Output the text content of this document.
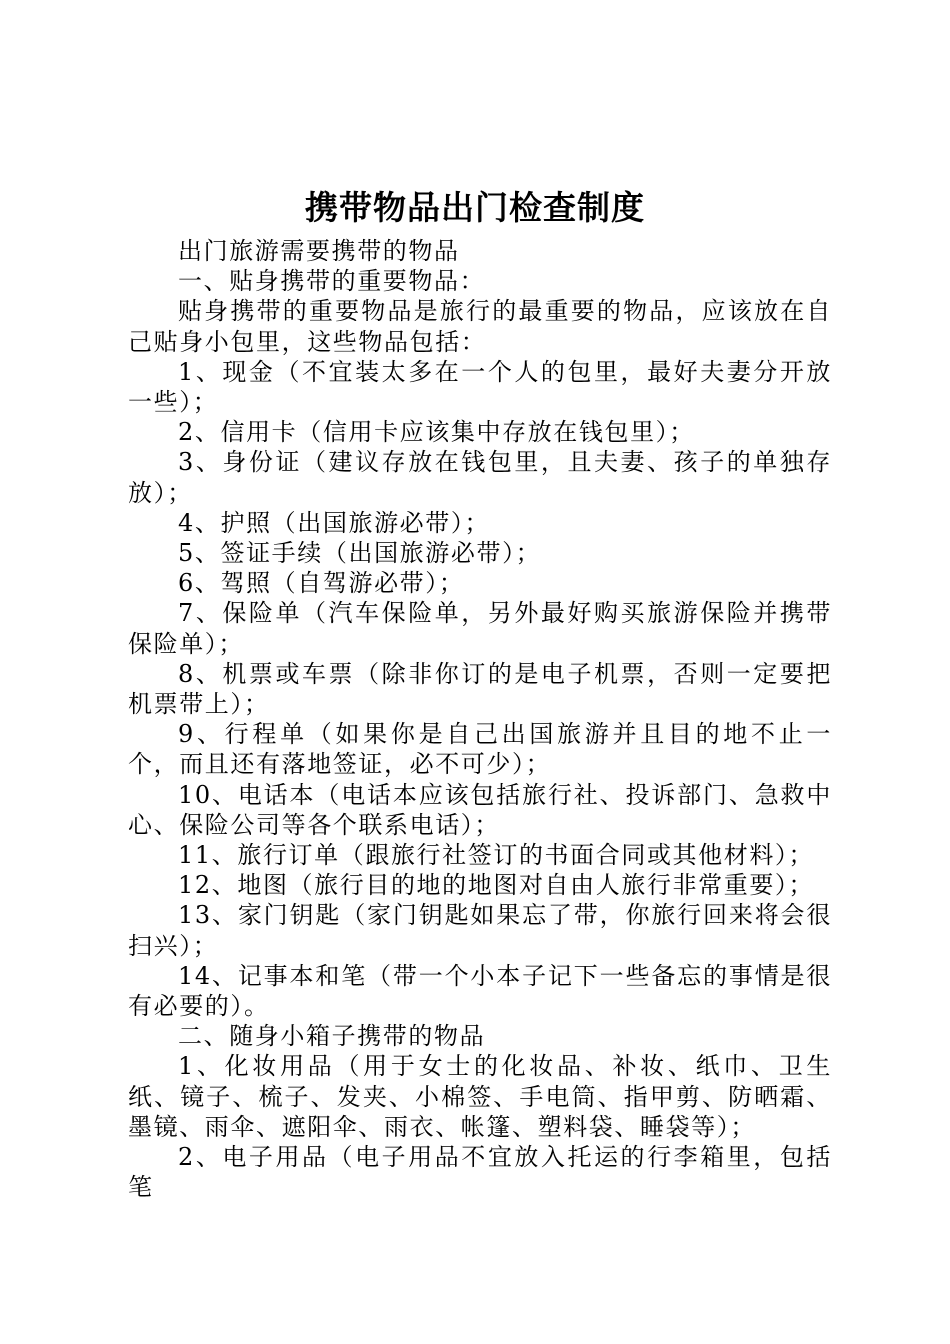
携带物品出门检查制度

出门旅游需要携带的物品

一、贴身携带的重要物品：

贴身携带的重要物品是旅行的最重要的物品，应该放在自己贴身小包里，这些物品包括：

1、现金（不宜装太多在一个人的包里，最好夫妻分开放一些）；

2、信用卡（信用卡应该集中存放在钱包里）；

3、身份证（建议存放在钱包里，且夫妻、孩子的单独存放）；

4、护照（出国旅游必带）；

5、签证手续（出国旅游必带）；

6、驾照（自驾游必带）；

7、保险单（汽车保险单，另外最好购买旅游保险并携带保险单）；

8、机票或车票（除非你订的是电子机票，否则一定要把机票带上）；

9、行程单（如果你是自己出国旅游并且目的地不止一个，而且还有落地签证，必不可少）；

10、电话本（电话本应该包括旅行社、投诉部门、急救中心、保险公司等各个联系电话）；

11、旅行订单（跟旅行社签订的书面合同或其他材料）；

12、地图（旅行目的地的地图对自由人旅行非常重要）；

13、家门钥匙（家门钥匙如果忘了带，你旅行回来将会很扫兴）；

14、记事本和笔（带一个小本子记下一些备忘的事情是很有必要的）。

二、随身小箱子携带的物品

1、化妆用品（用于女士的化妆品、补妆、纸巾、卫生纸、镜子、梳子、发夹、小棉签、手电筒、指甲剪、防晒霜、墨镜、雨伞、遮阳伞、雨衣、帐篷、塑料袋、睡袋等）；

2、电子用品（电子用品不宜放入托运的行李箱里，包括笔
